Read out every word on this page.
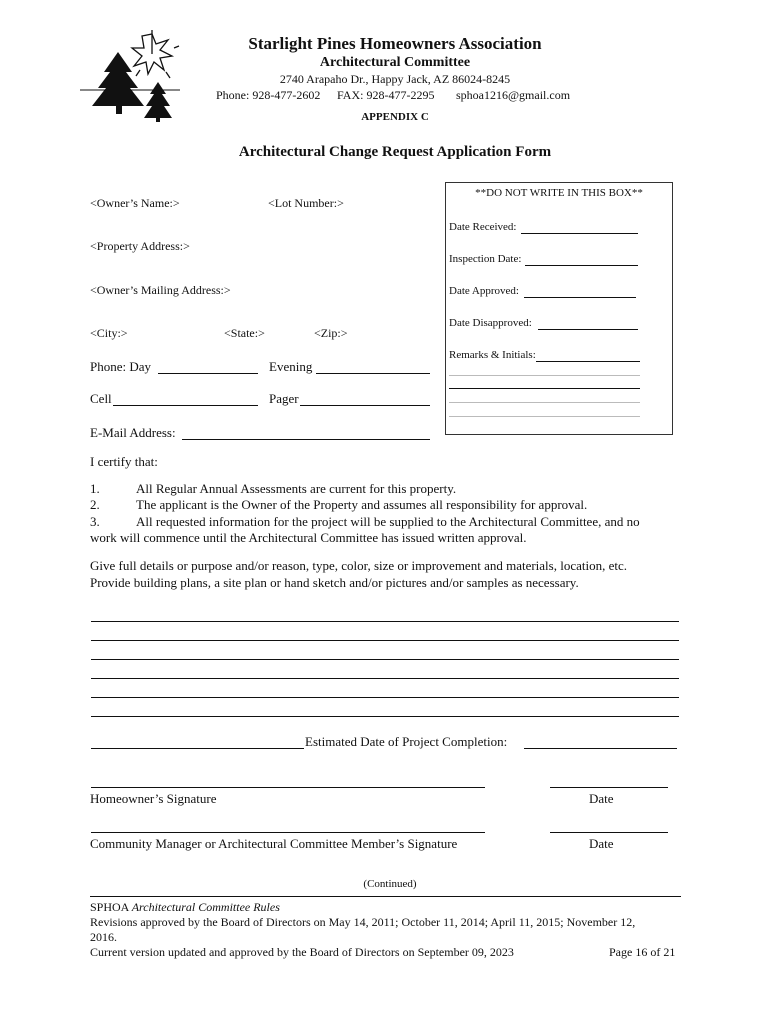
Starlight Pines Homeowners Association
Architectural Committee
2740 Arapaho Dr., Happy Jack, AZ 86024-8245
Phone: 928-477-2602 FAX: 928-477-2295 sphoa1216@gmail.com
APPENDIX C
Architectural Change Request Application Form
<Owner’s Name:>	<Lot Number:>
<Property Address:>
<Owner’s Mailing Address:>
<City:>	<State:>	<Zip:>
Phone: Day	Evening
Cell	Pager
E-Mail Address:
**DO NOT WRITE IN THIS BOX**
Date Received:
Inspection Date:
Date Approved:
Date Disapproved:
Remarks & Initials:
I certify that:
1.	All Regular Annual Assessments are current for this property.
2.	The applicant is the Owner of the Property and assumes all responsibility for approval.
3.	All requested information for the project will be supplied to the Architectural Committee, and no
work will commence until the Architectural Committee has issued written approval.
Give full details or purpose and/or reason, type, color, size or improvement and materials, location, etc.
Provide building plans, a site plan or hand sketch and/or pictures and/or samples as necessary.
Estimated Date of Project Completion:
Homeowner’s Signature	Date
Community Manager or Architectural Committee Member’s Signature	Date
(Continued)
SPHOA Architectural Committee Rules
Revisions approved by the Board of Directors on May 14, 2011; October 11, 2014; April 11, 2015; November 12,
2016.
Current version updated and approved by the Board of Directors on September 09, 2023	Page 16 of 21
